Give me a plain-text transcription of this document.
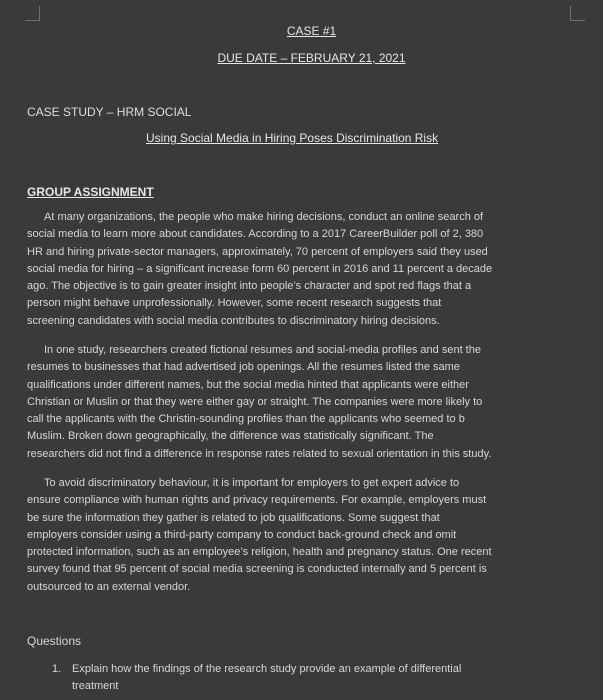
CASE #1
DUE DATE – FEBRUARY 21, 2021
CASE STUDY – HRM SOCIAL
Using Social Media in Hiring Poses Discrimination Risk
GROUP ASSIGNMENT

At many organizations, the people who make hiring decisions, conduct an online search of
social media to learn more about candidates. According to a 2017 CareerBuilder poll of 2, 380
HR and hiring private-sector managers, approximately, 70 percent of employers said they used
social media for hiring – a significant increase form 60 percent in 2016 and 11 percent a decade
ago. The objective is to gain greater insight into people’s character and spot red flags that a
person might behave unprofessionally. However, some recent research suggests that
screening candidates with social media contributes to discriminatory hiring decisions.

In one study, researchers created fictional resumes and social-media profiles and sent the
resumes to businesses that had advertised job openings. All the resumes listed the same
qualifications under different names, but the social media hinted that applicants were either
Christian or Muslin or that they were either gay or straight. The companies were more likely to
call the applicants with the Christin-sounding profiles than the applicants who seemed to b
Muslim. Broken down geographically, the difference was statistically significant. The
researchers did not find a difference in response rates related to sexual orientation in this study.

To avoid discriminatory behaviour, it is important for employers to get expert advice to
ensure compliance with human rights and privacy requirements. For example, employers must
be sure the information they gather is related to job qualifications. Some suggest that
employers consider using a third-party company to conduct back-ground check and omit
protected information, such as an employee’s religion, health and pregnancy status. One recent
survey found that 95 percent of social media screening is conducted internally and 5 percent is
outsourced to an external vendor.

Questions
1. Explain how the findings of the research study provide an example of differential
treatment
